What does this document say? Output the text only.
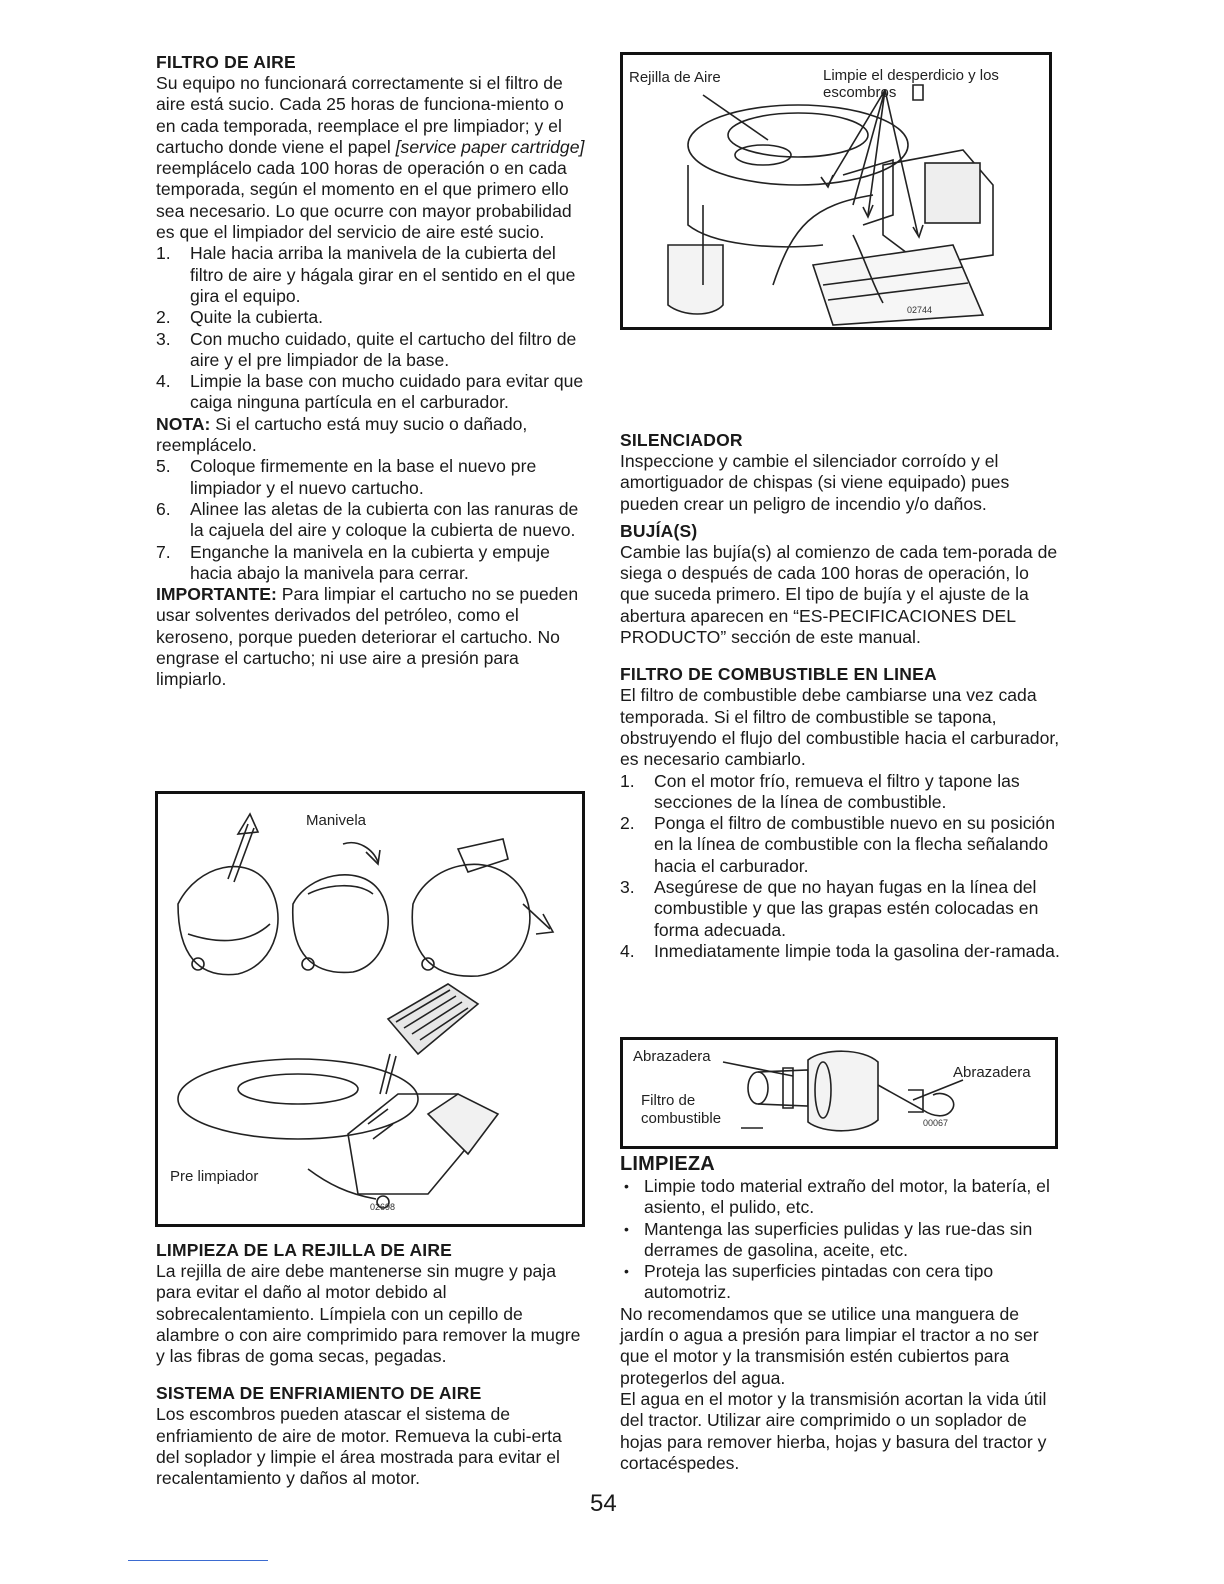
FILTRO DE AIRE

Su equipo no funcionará correctamente si el filtro de aire está sucio. Cada 25 horas de funciona-miento o en cada temporada, reemplace el pre limpiador; y el cartucho donde viene el papel [service paper cartridge] reemplácelo cada 100 horas de operación o en cada temporada, según el momento en el que primero ello sea necesario. Lo que ocurre con mayor probabilidad es que el limpiador del servicio de aire esté sucio.

1. Hale hacia arriba la manivela de la cubierta del filtro de aire y hágala girar en el sentido en el que gira el equipo.
2. Quite la cubierta.
3. Con mucho cuidado, quite el cartucho del filtro de aire y el pre limpiador de la base.
4. Limpie la base con mucho cuidado para evitar que caiga ninguna partícula en el carburador.

NOTA: Si el cartucho está muy sucio o dañado, reemplácelo.

5. Coloque firmemente en la base el nuevo pre limpiador y el nuevo cartucho.
6. Alinee las aletas de la cubierta con las ranuras de la cajuela del aire y coloque la cubierta de nuevo.
7. Enganche la manivela en la cubierta y empuje hacia abajo la manivela para cerrar.

IMPORTANTE: Para limpiar el cartucho no se pueden usar solventes derivados del petróleo, como el keroseno, porque pueden deteriorar el cartucho. No engrase el cartucho; ni use aire a presión para limpiarlo.

Manivela
Pre limpiador
02698
LIMPIEZA DE LA REJILLA DE AIRE

La rejilla de aire debe mantenerse sin mugre y paja para evitar el daño al motor debido al sobrecalentamiento. Límpiela con un cepillo de alambre o con aire comprimido para remover la mugre y las fibras de goma secas, pegadas.

SISTEMA DE ENFRIAMIENTO DE AIRE

Los escombros pueden atascar el sistema de enfriamiento de aire de motor. Remueva la cubi-erta del soplador y limpie el área mostrada para evitar el recalentamiento y daños al motor.

Rejilla de Aire	Limpie el desperdicio y los escombros
02744
SILENCIADOR

Inspeccione y cambie el silenciador corroído y el amortiguador de chispas (si viene equipado) pues pueden crear un peligro de incendio y/o daños.

BUJÍA(S)

Cambie las bujía(s) al comienzo de cada tem-porada de siega o después de cada 100 horas de operación, lo que suceda primero. El tipo de bujía y el ajuste de la abertura aparecen en “ES-PECIFICACIONES DEL PRODUCTO” sección de este manual.

FILTRO DE COMBUSTIBLE EN LINEA

El filtro de combustible debe cambiarse una vez cada temporada. Si el filtro de combustible se tapona, obstruyendo el flujo del combustible hacia el carburador, es necesario cambiarlo.

1. Con el motor frío, remueva el filtro y tapone las secciones de la línea de combustible.
2. Ponga el filtro de combustible nuevo en su posición en la línea de combustible con la flecha señalando hacia el carburador.
3. Asegúrese de que no hayan fugas en la línea del combustible y que las grapas estén colocadas en forma adecuada.
4. Inmediatamente limpie toda la gasolina der-ramada.
Abrazadera
Abrazadera
Filtro de
combustible	00067
LIMPIEZA
• Limpie todo material extraño del motor, la batería, el asiento, el pulido, etc.
• Mantenga las superficies pulidas y las rue-das sin derrames de gasolina, aceite, etc.
• Proteja las superficies pintadas con cera tipo automotriz.

No recomendamos que se utilice una manguera de jardín o agua a presión para limpiar el tractor a no ser que el motor y la transmisión estén cubiertos para protegerlos del agua.

El agua en el motor y la transmisión acortan la vida útil del tractor. Utilizar aire comprimido o un soplador de hojas para remover hierba, hojas y basura del tractor y cortacéspedes.

54
